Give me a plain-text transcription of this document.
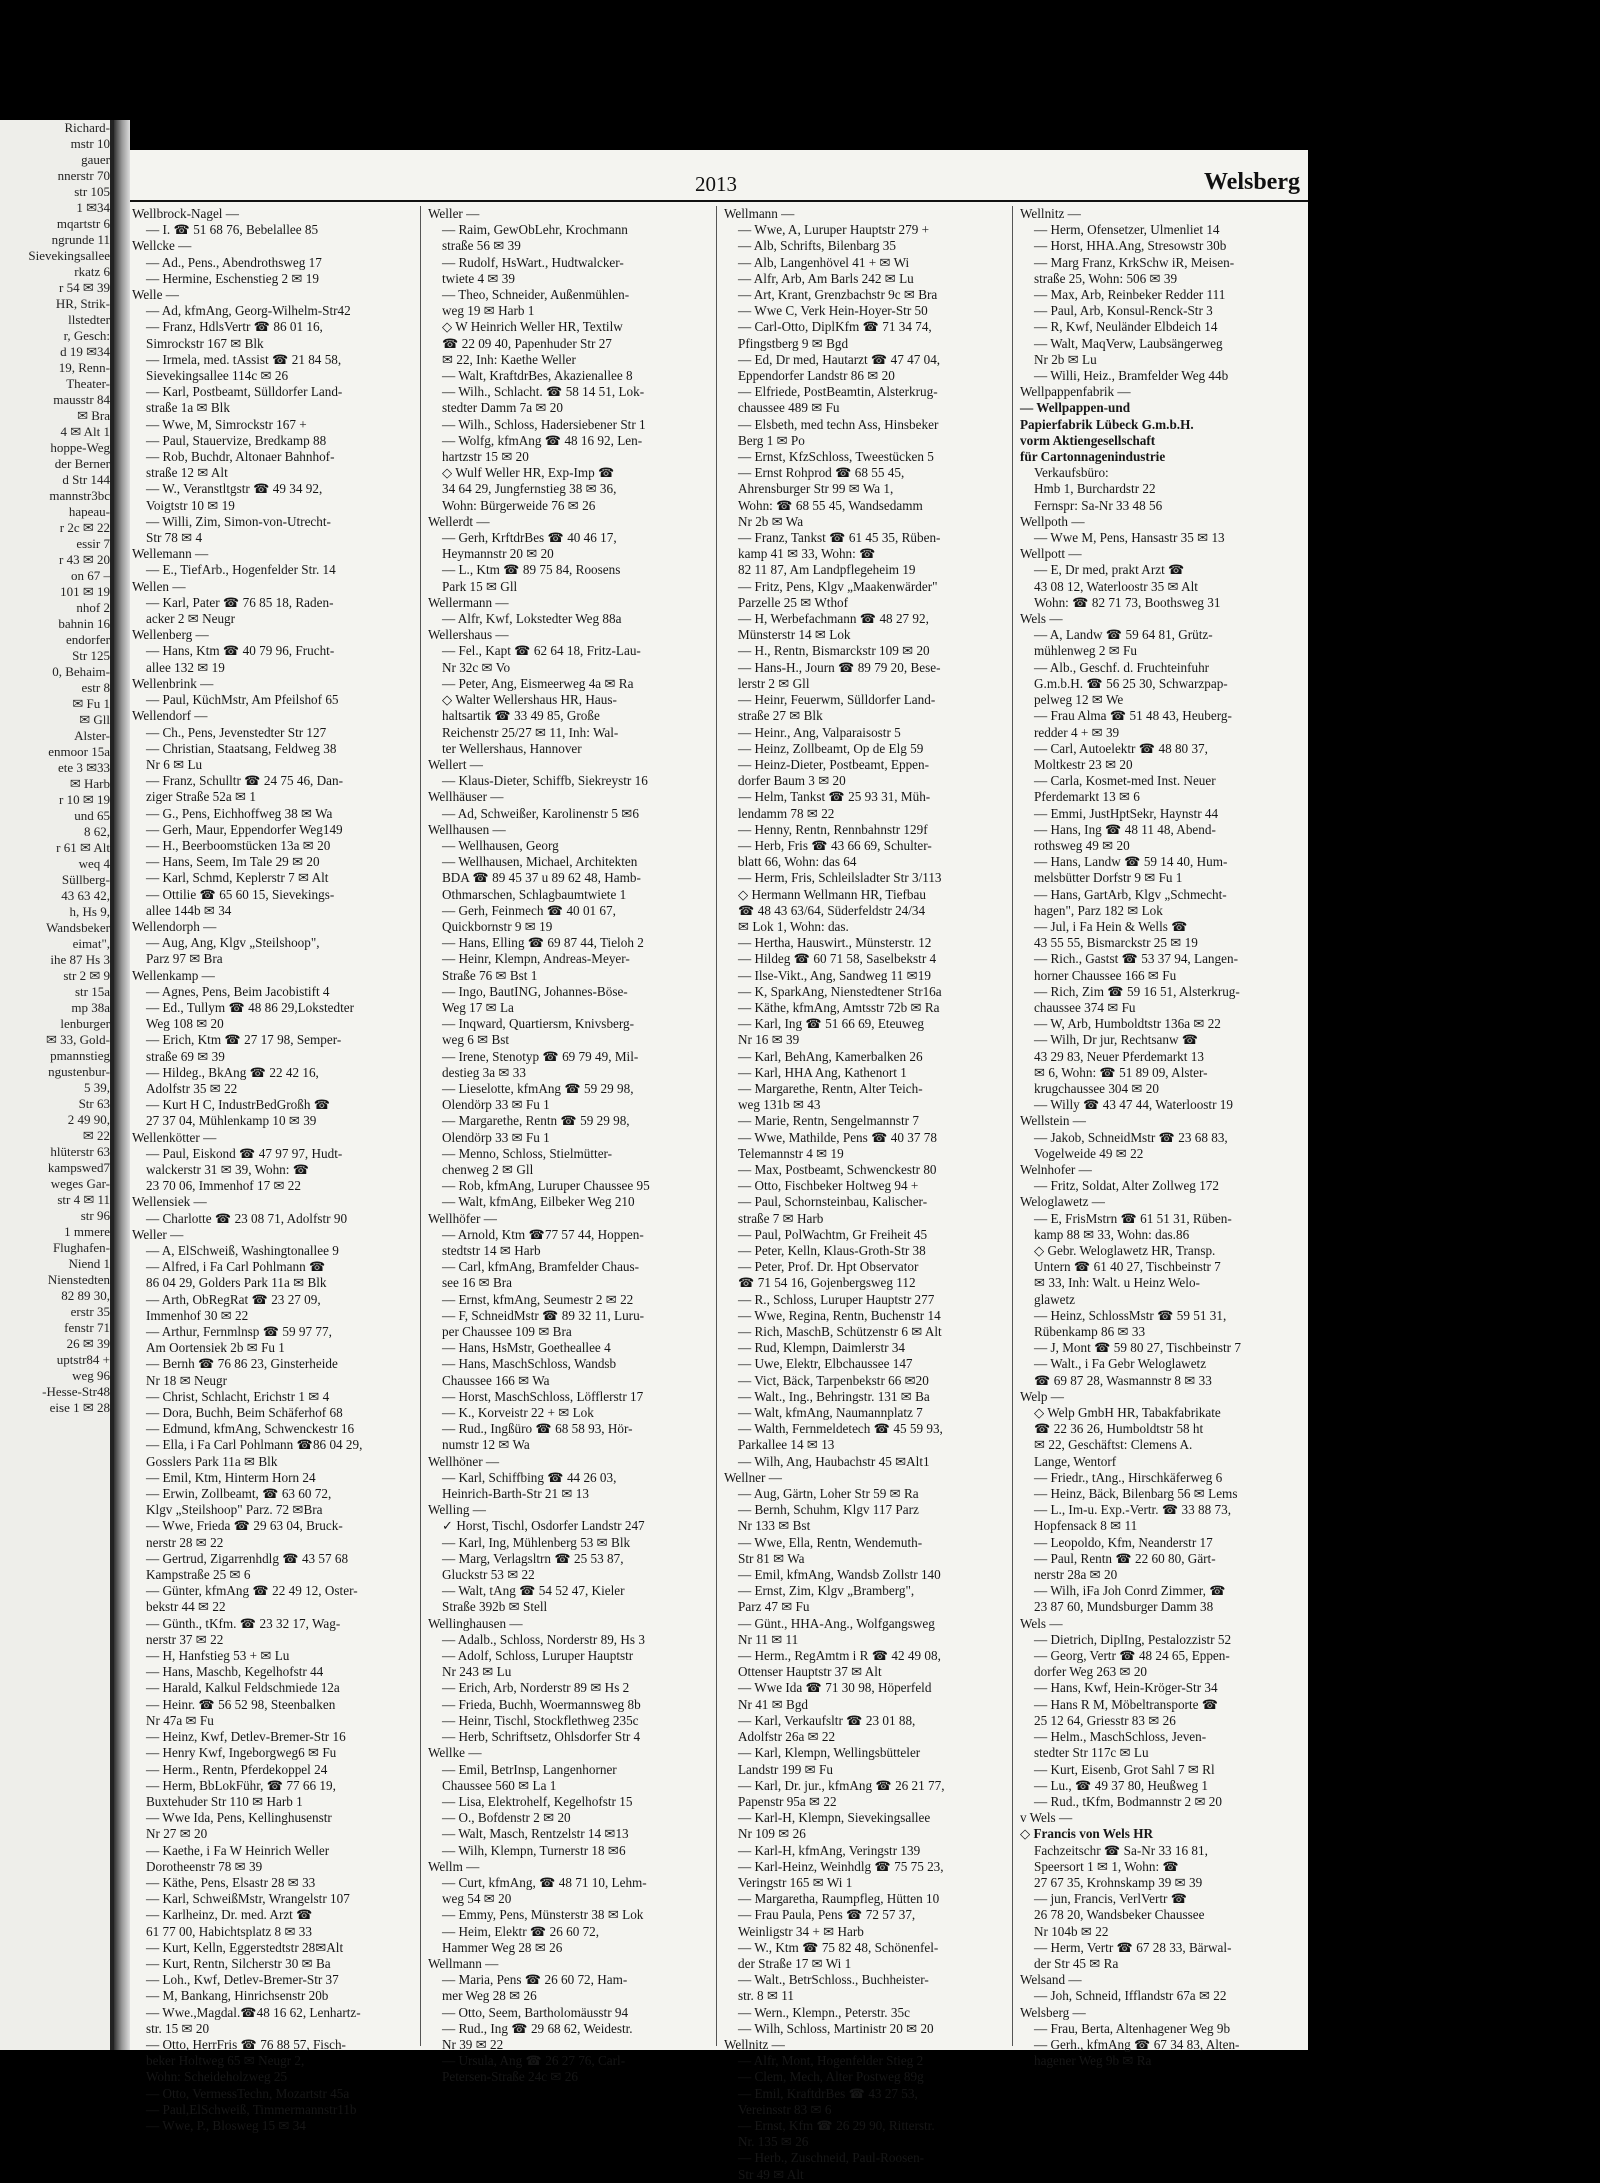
Richard-
mstr 10
gauer
nnerstr 70
str 105
1 ✉34
mqartstr 6
ngrunde 11
Sievekingsallee
rkatz 6
r 54 ✉ 39
HR, Strik-
llstedter
r, Gesch:
d 19 ✉34
19, Renn-
Theater-
mausstr 84
✉ Bra
4 ✉ Alt 1
hoppe-Weg
der Berner
d Str 144
mannstr3bc
hapeau-
r 2c ✉ 22
essir 7
r 43 ✉ 20
on 67 –
101 ✉ 19
nhof 2
bahnin 16
endorfer
Str 125
0, Behaim-
estr 8
✉ Fu 1
✉ Gll
Alster-
enmoor 15a
ete 3 ✉33
✉ Harb
r 10 ✉ 19
und 65
8 62,
r 61 ✉ Alt
weq 4
Süllberg-
43 63 42,
h, Hs 9,
Wandsbeker
eimat",
ihe 87 Hs 3
str 2 ✉ 9
str 15a
mp 38a
lenburger
✉ 33, Gold-
pmannstieg
ngustenbur-
5 39,
Str 63
2 49 90,
✉ 22
hlüterstr 63
kampswed7
weges Gar-
str 4 ✉ 11
str 96
1 mmere
Flughafen-
Niend 1
Nienstedten
82 89 30,
erstr 35
fenstr 71
26 ✉ 39
uptstr84 +
weg 96
-Hesse-Str48
eise 1 ✉ 28
2013	Welsberg
Wellbrock-Nagel —
— I. ☎ 51 68 76, Bebelallee 85
Wellcke —
— Ad., Pens., Abendrothsweg 17
— Hermine, Eschenstieg 2 ✉ 19
Welle —
— Ad, kfmAng, Georg-Wilhelm-Str42
— Franz, HdlsVertr ☎ 86 01 16,
Simrockstr 167 ✉ Blk
— Irmela, med. tAssist ☎ 21 84 58,
Sievekingsallee 114c ✉ 26
— Karl, Postbeamt, Sülldorfer Land-
straße 1a ✉ Blk
— Wwe, M, Simrockstr 167 +
— Paul, Stauervize, Bredkamp 88
— Rob, Buchdr, Altonaer Bahnhof-
straße 12 ✉ Alt
— W., Veranstltgstr ☎ 49 34 92,
Voigtstr 10 ✉ 19
— Willi, Zim, Simon-von-Utrecht-
Str 78 ✉ 4
Wellemann —
— E., TiefArb., Hogenfelder Str. 14
Wellen —
— Karl, Pater ☎ 76 85 18, Raden-
acker 2 ✉ Neugr
Wellenberg —
— Hans, Ktm ☎ 40 79 96, Frucht-
allee 132 ✉ 19
Wellenbrink —
— Paul, KüchMstr, Am Pfeilshof 65
Wellendorf —
— Ch., Pens, Jevenstedter Str 127
— Christian, Staatsang, Feldweg 38
Nr 6 ✉ Lu
— Franz, Schulltr ☎ 24 75 46, Dan-
ziger Straße 52a ✉ 1
— G., Pens, Eichhoffweg 38 ✉ Wa
— Gerh, Maur, Eppendorfer Weg149
— H., Beerboomstücken 13a ✉ 20
— Hans, Seem, Im Tale 29 ✉ 20
— Karl, Schmd, Keplerstr 7 ✉ Alt
— Ottilie ☎ 65 60 15, Sievekings-
allee 144b ✉ 34
Wellendorph —
— Aug, Ang, Klgv „Steilshoop",
Parz 97 ✉ Bra
Wellenkamp —
— Agnes, Pens, Beim Jacobistift 4
— Ed., Tullym ☎ 48 86 29,Lokstedter
Weg 108 ✉ 20
— Erich, Ktm ☎ 27 17 98, Semper-
straße 69 ✉ 39
— Hildeg., BkAng ☎ 22 42 16,
Adolfstr 35 ✉ 22
— Kurt H C, IndustrBedGroßh ☎
27 37 04, Mühlenkamp 10 ✉ 39
Wellenkötter —
— Paul, Eiskond ☎ 47 97 97, Hudt-
walckerstr 31 ✉ 39, Wohn: ☎
23 70 06, Immenhof 17 ✉ 22
Wellensiek —
— Charlotte ☎ 23 08 71, Adolfstr 90
Weller —
— A, ElSchweiß, Washingtonallee 9
— Alfred, i Fa Carl Pohlmann ☎
86 04 29, Golders Park 11a ✉ Blk
— Arth, ObRegRat ☎ 23 27 09,
Immenhof 30 ✉ 22
— Arthur, Fernmlnsp ☎ 59 97 77,
Am Oortensiek 2b ✉ Fu 1
— Bernh ☎ 76 86 23, Ginsterheide
Nr 18 ✉ Neugr
— Christ, Schlacht, Erichstr 1 ✉ 4
— Dora, Buchh, Beim Schäferhof 68
— Edmund, kfmAng, Schwenckestr 16
— Ella, i Fa Carl Pohlmann ☎86 04 29,
Gosslers Park 11a ✉ Blk
— Emil, Ktm, Hinterm Horn 24
— Erwin, Zollbeamt, ☎ 63 60 72,
Klgv „Steilshoop" Parz. 72 ✉Bra
— Wwe, Frieda ☎ 29 63 04, Bruck-
nerstr 28 ✉ 22
— Gertrud, Zigarrenhdlg ☎ 43 57 68
Kampstraße 25 ✉ 6
— Günter, kfmAng ☎ 22 49 12, Oster-
bekstr 44 ✉ 22
— Günth., tKfm. ☎ 23 32 17, Wag-
nerstr 37 ✉ 22
— H, Hanfstieg 53 + ✉ Lu
— Hans, Maschb, Kegelhofstr 44
— Harald, Kalkul Feldschmiede 12a
— Heinr. ☎ 56 52 98, Steenbalken
Nr 47a ✉ Fu
— Heinz, Kwf, Detlev-Bremer-Str 16
— Henry Kwf, Ingeborgweg6 ✉ Fu
— Herm., Rentn, Pferdekoppel 24
— Herm, BbLokFühr, ☎ 77 66 19,
Buxtehuder Str 110 ✉ Harb 1
— Wwe Ida, Pens, Kellinghusenstr
Nr 27 ✉ 20
— Kaethe, i Fa W Heinrich Weller
Dorotheenstr 78 ✉ 39
— Käthe, Pens, Elsastr 28 ✉ 33
— Karl, SchweißMstr, Wrangelstr 107
— Karlheinz, Dr. med. Arzt ☎
61 77 00, Habichtsplatz 8 ✉ 33
— Kurt, Kelln, Eggerstedtstr 28✉Alt
— Kurt, Rentn, Silcherstr 30 ✉ Ba
— Loh., Kwf, Detlev-Bremer-Str 37
— M, Bankang, Hinrichsenstr 20b
— Wwe.,Magdal.☎48 16 62, Lenhartz-
str. 15 ✉ 20
— Otto, HerrFris ☎ 76 88 57, Fisch-
beker Holtweg 65 ✉ Neugr 2,
Wohn: Scheideholzweg 25
— Otto, VermessTechn, Mozartstr 45a
— Paul,ElSchweiß, Timmermannstr11b
— Wwe, P., Blosweg 15 ✉ 34
Weller —
— Raim, GewObLehr, Krochmann
straße 56 ✉ 39
— Rudolf, HsWart., Hudtwalcker-
twiete 4 ✉ 39
— Theo, Schneider, Außenmühlen-
weg 19 ✉ Harb 1
◇ W Heinrich Weller HR, Textilw
☎ 22 09 40, Papenhuder Str 27
✉ 22, Inh: Kaethe Weller
— Walt, KraftdrBes, Akazienallee 8
— Wilh., Schlacht. ☎ 58 14 51, Lok-
stedter Damm 7a ✉ 20
— Wilh., Schloss, Hadersiebener Str 1
— Wolfg, kfmAng ☎ 48 16 92, Len-
hartzstr 15 ✉ 20
◇ Wulf Weller HR, Exp-Imp ☎
34 64 29, Jungfernstieg 38 ✉ 36,
Wohn: Bürgerweide 76 ✉ 26
Wellerdt —
— Gerh, KrftdrBes ☎ 40 46 17,
Heymannstr 20 ✉ 20
— L., Ktm ☎ 89 75 84, Roosens
Park 15 ✉ Gll
Wellermann —
— Alfr, Kwf, Lokstedter Weg 88a
Wellershaus —
— Fel., Kapt ☎ 62 64 18, Fritz-Lau-
Nr 32c ✉ Vo
— Peter, Ang, Eismeerweg 4a ✉ Ra
◇ Walter Wellershaus HR, Haus-
haltsartik ☎ 33 49 85, Große
Reichenstr 25/27 ✉ 11, Inh: Wal-
ter Wellershaus, Hannover
Wellert —
— Klaus-Dieter, Schiffb, Siekreystr 16
Wellhäuser —
— Ad, Schweißer, Karolinenstr 5 ✉6
Wellhausen —
— Wellhausen, Georg
— Wellhausen, Michael, Architekten
BDA ☎ 89 45 37 u 89 62 48, Hamb-
Othmarschen, Schlagbaumtwiete 1
— Gerh, Feinmech ☎ 40 01 67,
Quickbornstr 9 ✉ 19
— Hans, Elling ☎ 69 87 44, Tieloh 2
— Heinr, Klempn, Andreas-Meyer-
Straße 76 ✉ Bst 1
— Ingo, BautING, Johannes-Böse-
Weg 17 ✉ La
— Inqward, Quartiersm, Knivsberg-
weg 6 ✉ Bst
— Irene, Stenotyp ☎ 69 79 49, Mil-
destieg 3a ✉ 33
— Lieselotte, kfmAng ☎ 59 29 98,
Olendörp 33 ✉ Fu 1
— Margarethe, Rentn ☎ 59 29 98,
Olendörp 33 ✉ Fu 1
— Menno, Schloss, Stielmütter-
chenweg 2 ✉ Gll
— Rob, kfmAng, Luruper Chaussee 95
— Walt, kfmAng, Eilbeker Weg 210
Wellhöfer —
— Arnold, Ktm ☎77 57 44, Hoppen-
stedtstr 14 ✉ Harb
— Carl, kfmAng, Bramfelder Chaus-
see 16 ✉ Bra
— Ernst, kfmAng, Seumestr 2 ✉ 22
— F, SchneidMstr ☎ 89 32 11, Luru-
per Chaussee 109 ✉ Bra
— Hans, HsMstr, Goetheallee 4
— Hans, MaschSchloss, Wandsb
Chaussee 166 ✉ Wa
— Horst, MaschSchloss, Löfflerstr 17
— K., Korveistr 22 + ✉ Lok
— Rud., Ingßüro ☎ 68 58 93, Hör-
numstr 12 ✉ Wa
Wellhöner —
— Karl, Schiffbing ☎ 44 26 03,
Heinrich-Barth-Str 21 ✉ 13
Welling —
✓ Horst, Tischl, Osdorfer Landstr 247
— Karl, Ing, Mühlenberg 53 ✉ Blk
— Marg, Verlagsltrn ☎ 25 53 87,
Gluckstr 53 ✉ 22
— Walt, tAng ☎ 54 52 47, Kieler
Straße 392b ✉ Stell
Wellinghausen —
— Adalb., Schloss, Norderstr 89, Hs 3
— Adolf, Schloss, Luruper Hauptstr
Nr 243 ✉ Lu
— Erich, Arb, Norderstr 89 ✉ Hs 2
— Frieda, Buchh, Woermannsweg 8b
— Heinr, Tischl, Stockflethweg 235c
— Herb, Schriftsetz, Ohlsdorfer Str 4
Wellke —
— Emil, BetrInsp, Langenhorner
Chaussee 560 ✉ La 1
— Lisa, Elektrohelf, Kegelhofstr 15
— O., Bofdenstr 2 ✉ 20
— Walt, Masch, Rentzelstr 14 ✉13
— Wilh, Klempn, Turnerstr 18 ✉6
Wellm —
— Curt, kfmAng, ☎ 48 71 10, Lehm-
weg 54 ✉ 20
— Emmy, Pens, Münsterstr 38 ✉ Lok
— Heim, Elektr ☎ 26 60 72,
Hammer Weg 28 ✉ 26
Wellmann —
— Maria, Pens ☎ 26 60 72, Ham-
mer Weg 28 ✉ 26
— Otto, Seem, Bartholomäusstr 94
— Rud., Ing ☎ 29 68 62, Weidestr.
Nr 39 ✉ 22
— Ursula, Ang ☎ 26 27 76, Carl-
Petersen-Straße 24c ✉ 26
Wellmann —
— Wwe, A, Luruper Hauptstr 279 +
— Alb, Schrifts, Bilenbarg 35
— Alb, Langenhövel 41 + ✉ Wi
— Alfr, Arb, Am Barls 242 ✉ Lu
— Art, Krant, Grenzbachstr 9c ✉ Bra
— Wwe C, Verk Hein-Hoyer-Str 50
— Carl-Otto, DiplKfm ☎ 71 34 74,
Pfingstberg 9 ✉ Bgd
— Ed, Dr med, Hautarzt ☎ 47 47 04,
Eppendorfer Landstr 86 ✉ 20
— Elfriede, PostBeamtin, Alsterkrug-
chaussee 489 ✉ Fu
— Elsbeth, med techn Ass, Hinsbeker
Berg 1 ✉ Po
— Ernst, KfzSchloss, Tweestücken 5
— Ernst Rohprod ☎ 68 55 45,
Ahrensburger Str 99 ✉ Wa 1,
Wohn: ☎ 68 55 45, Wandsedamm
Nr 2b ✉ Wa
— Franz, Tankst ☎ 61 45 35, Rüben-
kamp 41 ✉ 33, Wohn: ☎
82 11 87, Am Landpflegeheim 19
— Fritz, Pens, Klgv „Maakenwärder"
Parzelle 25 ✉ Wthof
— H, Werbefachmann ☎ 48 27 92,
Münsterstr 14 ✉ Lok
— H., Rentn, Bismarckstr 109 ✉ 20
— Hans-H., Journ ☎ 89 79 20, Bese-
lerstr 2 ✉ Gll
— Heinr, Feuerwm, Sülldorfer Land-
straße 27 ✉ Blk
— Heinr., Ang, Valparaisostr 5
— Heinz, Zollbeamt, Op de Elg 59
— Heinz-Dieter, Postbeamt, Eppen-
dorfer Baum 3 ✉ 20
— Helm, Tankst ☎ 25 93 31, Müh-
lendamm 78 ✉ 22
— Henny, Rentn, Rennbahnstr 129f
— Herb, Fris ☎ 43 66 69, Schulter-
blatt 66, Wohn: das 64
— Herm, Fris, Schleilsladter Str 3/113
◇ Hermann Wellmann HR, Tiefbau
☎ 48 43 63/64, Süderfeldstr 24/34
✉ Lok 1, Wohn: das.
— Hertha, Hauswirt., Münsterstr. 12
— Hildeg ☎ 60 71 58, Saselbekstr 4
— Ilse-Vikt., Ang, Sandweg 11 ✉19
— K, SparkAng, Nienstedtener Str16a
— Käthe, kfmAng, Amtsstr 72b ✉ Ra
— Karl, Ing ☎ 51 66 69, Eteuweg
Nr 16 ✉ 39
— Karl, BehAng, Kamerbalken 26
— Karl, HHA Ang, Kathenort 1
— Margarethe, Rentn, Alter Teich-
weg 131b ✉ 43
— Marie, Rentn, Sengelmannstr 7
— Wwe, Mathilde, Pens ☎ 40 37 78
Telemannstr 4 ✉ 19
— Max, Postbeamt, Schwenckestr 80
— Otto, Fischbeker Holtweg 94 +
— Paul, Schornsteinbau, Kalischer-
straße 7 ✉ Harb
— Paul, PolWachtm, Gr Freiheit 45
— Peter, Kelln, Klaus-Groth-Str 38
— Peter, Prof. Dr. Hpt Observator
☎ 71 54 16, Gojenbergsweg 112
— R., Schloss, Luruper Hauptstr 277
— Wwe, Regina, Rentn, Buchenstr 14
— Rich, MaschB, Schützenstr 6 ✉ Alt
— Rud, Klempn, Daimlerstr 34
— Uwe, Elektr, Elbchaussee 147
— Vict, Bäck, Tarpenbekstr 66 ✉20
— Walt., Ing., Behringstr. 131 ✉ Ba
— Walt, kfmAng, Naumannplatz 7
— Walth, Fernmeldetech ☎ 45 59 93,
Parkallee 14 ✉ 13
— Wilh, Ang, Haubachstr 45 ✉Alt1
Wellner —
— Aug, Gärtn, Loher Str 59 ✉ Ra
— Bernh, Schuhm, Klgv 117 Parz
Nr 133 ✉ Bst
— Wwe, Ella, Rentn, Wendemuth-
Str 81 ✉ Wa
— Emil, kfmAng, Wandsb Zollstr 140
— Ernst, Zim, Klgv „Bramberg",
Parz 47 ✉ Fu
— Günt., HHA-Ang., Wolfgangsweg
Nr 11 ✉ 11
— Herm., RegAmtm i R ☎ 42 49 08,
Ottenser Hauptstr 37 ✉ Alt
— Wwe Ida ☎ 71 30 98, Höperfeld
Nr 41 ✉ Bgd
— Karl, Verkaufsltr ☎ 23 01 88,
Adolfstr 26a ✉ 22
— Karl, Klempn, Wellingsbütteler
Landstr 199 ✉ Fu
— Karl, Dr. jur., kfmAng ☎ 26 21 77,
Papenstr 95a ✉ 22
— Karl-H, Klempn, Sievekingsallee
Nr 109 ✉ 26
— Karl-H, kfmAng, Veringstr 139
— Karl-Heinz, Weinhdlg ☎ 75 75 23,
Veringstr 165 ✉ Wi 1
— Margaretha, Raumpfleg, Hütten 10
— Frau Paula, Pens ☎ 72 57 37,
Weinligstr 34 + ✉ Harb
— W., Ktm ☎ 75 82 48, Schönenfel-
der Straße 17 ✉ Wi 1
— Walt., BetrSchloss., Buchheister-
str. 8 ✉ 11
— Wern., Klempn., Peterstr. 35c
— Wilh, Schloss, Martinistr 20 ✉ 20
Wellnitz —
— Alfr, Mont, Hogenfelder Stieg 2
— Clem, Mech, Alter Postweg 89g
— Emil, KraftdrBes ☎ 43 27 53,
Vereinsstr 83 ✉ 6
— Ernst, Kfm ☎ 26 29 90, Ritterstr.
Nr. 135 ✉ 26
— Herb., Zuschneid, Paul-Roosen-
Str 49 ✉ Alt
Wellnitz —
— Herm, Ofensetzer, Ulmenliet 14
— Horst, HHA.Ang, Stresowstr 30b
— Marg Franz, KrkSchw iR, Meisen-
straße 25, Wohn: 506 ✉ 39
— Max, Arb, Reinbeker Redder 111
— Paul, Arb, Konsul-Renck-Str 3
— R, Kwf, Neuländer Elbdeich 14
— Walt, MaqVerw, Laubsängerweg
Nr 2b ✉ Lu
— Willi, Heiz., Bramfelder Weg 44b
Wellpappenfabrik —
— Wellpappen-und
Papierfabrik Lübeck G.m.b.H.
vorm Aktiengesellschaft
für Cartonnagenindustrie
Verkaufsbüro:
Hmb 1, Burchardstr 22
Fernspr: Sa-Nr 33 48 56
Wellpoth —
— Wwe M, Pens, Hansastr 35 ✉ 13
Wellpott —
— E, Dr med, prakt Arzt ☎
43 08 12, Waterloostr 35 ✉ Alt
Wohn: ☎ 82 71 73, Boothsweg 31
Wels —
— A, Landw ☎ 59 64 81, Grütz-
mühlenweg 2 ✉ Fu
— Alb., Geschf. d. Fruchteinfuhr
G.m.b.H. ☎ 56 25 30, Schwarzpap-
pelweg 12 ✉ We
— Frau Alma ☎ 51 48 43, Heuberg-
redder 4 + ✉ 39
— Carl, Autoelektr ☎ 48 80 37,
Moltkestr 23 ✉ 20
— Carla, Kosmet-med Inst. Neuer
Pferdemarkt 13 ✉ 6
— Emmi, JustHptSekr, Haynstr 44
— Hans, Ing ☎ 48 11 48, Abend-
rothsweg 49 ✉ 20
— Hans, Landw ☎ 59 14 40, Hum-
melsbütter Dorfstr 9 ✉ Fu 1
— Hans, GartArb, Klgv „Schmecht-
hagen", Parz 182 ✉ Lok
— Jul, i Fa Hein & Wells ☎
43 55 55, Bismarckstr 25 ✉ 19
— Rich., Gastst ☎ 53 37 94, Langen-
horner Chaussee 166 ✉ Fu
— Rich, Zim ☎ 59 16 51, Alsterkrug-
chaussee 374 ✉ Fu
— W, Arb, Humboldtstr 136a ✉ 22
— Wilh, Dr jur, Rechtsanw ☎
43 29 83, Neuer Pferdemarkt 13
✉ 6, Wohn: ☎ 51 89 09, Alster-
krugchaussee 304 ✉ 20
— Willy ☎ 43 47 44, Waterloostr 19
Wellstein —
— Jakob, SchneidMstr ☎ 23 68 83,
Vogelweide 49 ✉ 22
Welnhofer —
— Fritz, Soldat, Alter Zollweg 172
Weloglawetz —
— E, FrisMstrn ☎ 61 51 31, Rüben-
kamp 88 ✉ 33, Wohn: das.86
◇ Gebr. Weloglawetz HR, Transp.
Untern ☎ 61 40 27, Tischbeinstr 7
✉ 33, Inh: Walt. u Heinz Welo-
glawetz
— Heinz, SchlossMstr ☎ 59 51 31,
Rübenkamp 86 ✉ 33
— J, Mont ☎ 59 80 27, Tischbeinstr 7
— Walt., i Fa Gebr Weloglawetz
☎ 69 87 28, Wasmannstr 8 ✉ 33
Welp —
◇ Welp GmbH HR, Tabakfabrikate
☎ 22 36 26, Humboldtstr 58 ht
✉ 22, Geschäftst: Clemens A.
Lange, Wentorf
— Friedr., tAng., Hirschkäferweg 6
— Heinz, Bäck, Bilenbarg 56 ✉ Lems
— L., Im-u. Exp.-Vertr. ☎ 33 88 73,
Hopfensack 8 ✉ 11
— Leopoldo, Kfm, Neanderstr 17
— Paul, Rentn ☎ 22 60 80, Gärt-
nerstr 28a ✉ 20
— Wilh, iFa Joh Conrd Zimmer, ☎
23 87 60, Mundsburger Damm 38
Wels —
— Dietrich, DiplIng, Pestalozzistr 52
— Georg, Vertr ☎ 48 24 65, Eppen-
dorfer Weg 263 ✉ 20
— Hans, Kwf, Hein-Kröger-Str 34
— Hans R M, Möbeltransporte ☎
25 12 64, Griesstr 83 ✉ 26
— Helm., MaschSchloss, Jeven-
stedter Str 117c ✉ Lu
— Kurt, Eisenb, Grot Sahl 7 ✉ Rl
— Lu., ☎ 49 37 80, Heußweg 1
— Rud., tKfm, Bodmannstr 2 ✉ 20
v Wels —
◇ Francis von Wels HR
Fachzeitschr ☎ Sa-Nr 33 16 81,
Speersort 1 ✉ 1, Wohn: ☎
27 67 35, Krohnskamp 39 ✉ 39
— jun, Francis, VerlVertr ☎
26 78 20, Wandsbeker Chaussee
Nr 104b ✉ 22
— Herm, Vertr ☎ 67 28 33, Bärwal-
der Str 45 ✉ Ra
Welsand —
— Joh, Schneid, Ifflandstr 67a ✉ 22
Welsberg —
— Frau, Berta, Altenhagener Weg 9b
— Gerh., kfmAng ☎ 67 34 83, Alten-
hagener Weg 9b ✉ Ra
